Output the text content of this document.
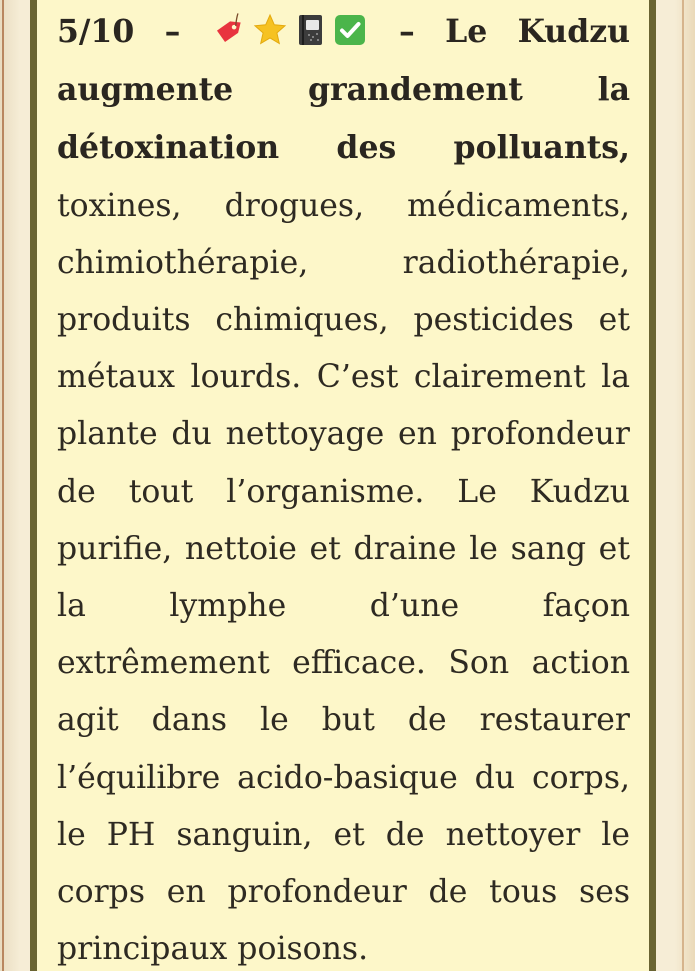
5/10 –	– Le Kudzu augmente grandement la détoxination des polluants, toxines, drogues, médicaments, chimiothérapie, radiothérapie, produits chimiques, pesticides et métaux lourds. C’est clairement la plante du nettoyage en profondeur de tout l’organisme. Le Kudzu purifie, nettoie et draine le sang et la lymphe d’une façon extrêmement efficace. Son action agit dans le but de restaurer l’équilibre acido-basique du corps, le PH sanguin, et de nettoyer le corps en profondeur de tous ses principaux poisons.
